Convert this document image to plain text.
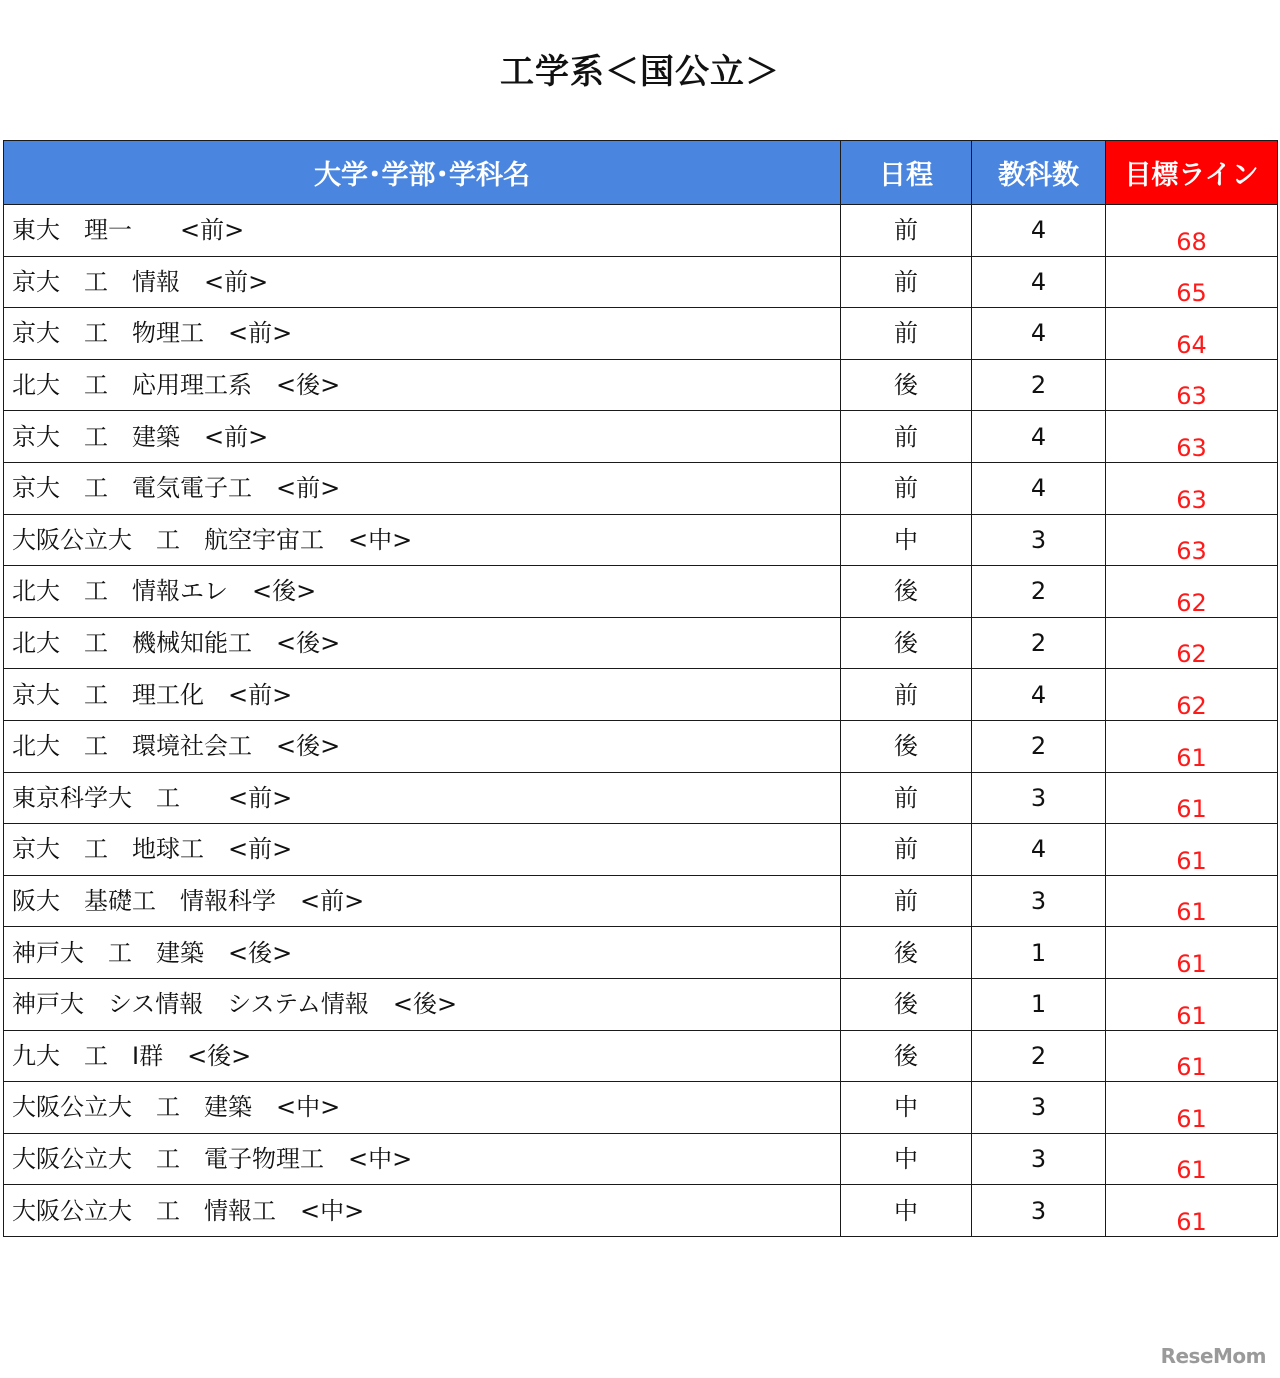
工学系＜国公立＞
大学･学部･学科名	日程	教科数	目標ライン
東大　理一　　<前>	前	4	68
京大　工　情報　<前>	前	4	65
京大　工　物理工　<前>	前	4	64
北大　工　応用理工系　<後>	後	2	63
京大　工　建築　<前>	前	4	63
京大　工　電気電子工　<前>	前	4	63
大阪公立大　工　航空宇宙工　<中>	中	3	63
北大　工　情報エレ　<後>	後	2	62
北大　工　機械知能工　<後>	後	2	62
京大　工　理工化　<前>	前	4	62
北大　工　環境社会工　<後>	後	2	61
東京科学大　工　　<前>	前	3	61
京大　工　地球工　<前>	前	4	61
阪大　基礎工　情報科学　<前>	前	3	61
神戸大　工　建築　<後>	後	1	61
神戸大　シス情報　システム情報　<後>	後	1	61
九大　工　Ⅰ群　<後>	後	2	61
大阪公立大　工　建築　<中>	中	3	61
大阪公立大　工　電子物理工　<中>	中	3	61
大阪公立大　工　情報工　<中>	中	3	61
ReseMom
